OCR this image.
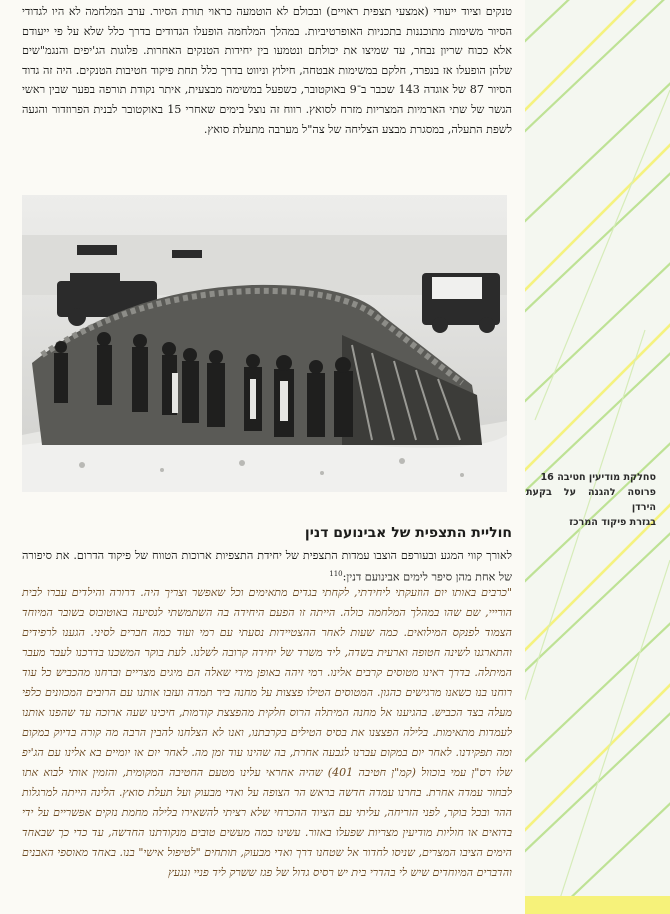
טנקים וציוד ייעודי (אמצעי תצפית ראויים) ובכולם לא הוטמעה כראוי תורת הסיור. ערב המלחמה לא היו לגדודי הסיור משימות מתוכננות בתכניות האופרטיביות. במהלך המלחמה הופעלו הגדודים בדרך כלל שלא על פי ייעודם אלא ככוח שריון נבחר, עד שמיצו את יכולתם ונטמעו בין יחידות הטנקים האחרות. פלוגות הג'יפים והנגמ"שים שלהן הופעלו אז בנפרד, חלקם במשימות אבטחה, חילוץ וניווט בדרך כלל תחת פיקוד חטיבות הטנקים. היה זה גדוד הסיור 87 של אוגדה 143 שכבר ב־9 באוקטובר, כשפעל במשימה מבצעית, איתר נקודת תורפה בפער שבין ראשי הגשר של שתי הארמיות המצריות מזרח לסואץ. רווח זה נוצל בימים שאחרי 15 באוקטובר לבנית הפרוזדור והגעה לשפת התעלה, במסגרת מבצע הצליחה של צה"ל מערבה מתעלת סואץ.

סחלקת מודיעין חטיבה 16

פרוסה להגנה על בקעת הירדן

בגזרת פיקוד המרכז

חוליית התצפית של אבינועם דנין
לאורך קווי המגע ובעורפם הוצבו עמדות התצפית של יחידת התצפיות ארוכות הטווח של פיקוד הדרום. את סיפורה של אחת מהן סיפר לימים אבינועם דנין:$^{110}$

"כרבים באותו יום הוזעקתי ליחידתי, לקחתי בגדים מתאימים וכל שאפשר וצריך היה. דרורה והילדים עברו לבית הורייי, שם שהו במהלך המלחמה כולה. הייתה זו הפעם היחידה בה השתמשתי לנסיעה באוטובוס בשובר המיוחד הצמוד לפנקס המילואים. כמה שעות לאחר ההצטיידות נסעתי עם רמי ועוד כמה חברים לסיני. הגענו לרפידים והתארגנו לשינה חטופה וארעית בשדה, ליד משרד של יחידה קרובה לשלנו. לעת בוקר המשכנו בדרכנו לעבר מעבר המיתלה. בדרך ראינו מטוסים קרבים אלינו. רמי זיהה באופן מידי שאלה הם מיגים מצריים וברחנו מהכביש כל עוד רוחנו בנו כשאנו מרגישים כהגון. המטוסים הטילו פצצות על מחנה ביר תמדה ועזבו אותנו עם הרובים המכוונים כלפי מעלה בצד הכביש. בהגיענו אל מחנה המיתלה הרוס חלקית מהפצצת קודמות, חיכינו שעה ארוכה עד שהפנו אותנו לעמדות מתאימות. בלילה הפצצנו את בסיס הטילים בקרבתנו, ואנו לא הצלחנו להבין הרבה מה קורה בדיוק במקום ומה תפקידנו. לאחר יום במקום עברנו לגבעה אחרת, בה שהינו עוד זמן מה. לאחר יום או יומיים בא אלינו עם הג'יפ שלו רס"ן עמי בוכוול (קמ"ן חטיבה 401) שהיה אחראי עלינו מטעם החטיבה המקומית, והזמין אותי לבוא אתו לבחור עמדה אחרת. בחרנו עמדה חדשה בראש הר הצופה על ואדי מבעוק ועל תעלת סואץ. הלינה הייתה למרגלות ההר ובכל בוקר, לפני הזריחה, עליתי עם הציוד ההכרחי שלא רציתי להשאירו בלילה מחמת נזקים אפשריים על ידי בדואים או חוליות מודיעין מצריות שפעלו באזור. עשינו כמה מעשים טובים מנקודתנו החדשה, עד כדי כך שבאחד הימים הציבו המצרים, שניסו לחדור אל שטחנו דרך ואדי מבעוק, תותחים "לטיפול אישי" בנו. באחד מאוספי האבנים והדברים המיוחדים שיש לי בהדרי בית יש רסיס גדול של פגז ששרק ליד פניי ונגעץ
